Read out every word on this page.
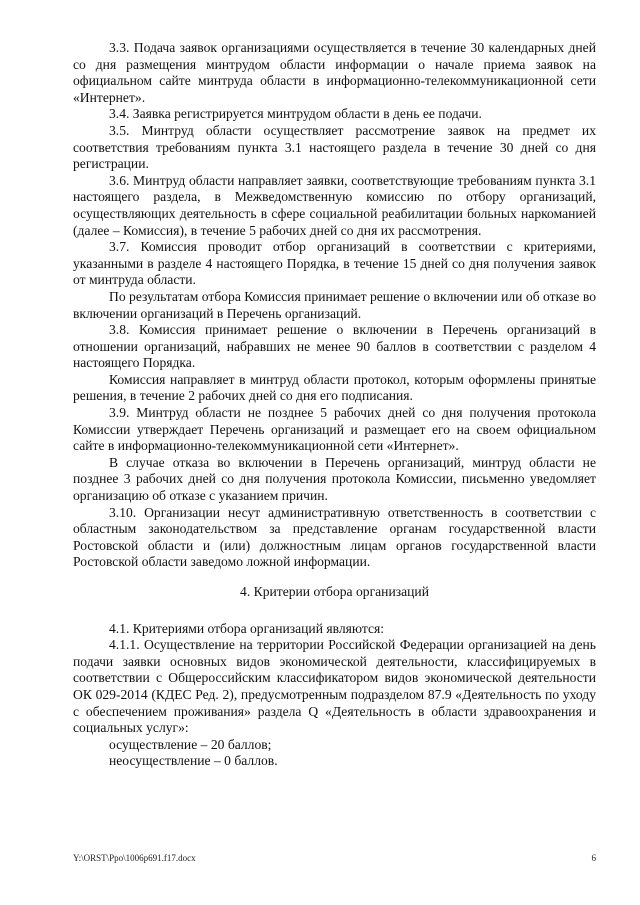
3.3. Подача заявок организациями осуществляется в течение 30 календарных дней со дня размещения минтрудом области информации о начале приема заявок на официальном сайте минтруда области в информационно-телекоммуникационной сети «Интернет».

3.4. Заявка регистрируется минтрудом области в день ее подачи.

3.5. Минтруд области осуществляет рассмотрение заявок на предмет их соответствия требованиям пункта 3.1 настоящего раздела в течение 30 дней со дня регистрации.

3.6. Минтруд области направляет заявки, соответствующие требованиям пункта 3.1 настоящего раздела, в Межведомственную комиссию по отбору организаций, осуществляющих деятельность в сфере социальной реабилитации больных наркоманией (далее – Комиссия), в течение 5 рабочих дней со дня их рассмотрения.

3.7. Комиссия проводит отбор организаций в соответствии с критериями, указанными в разделе 4 настоящего Порядка, в течение 15 дней со дня получения заявок от минтруда области.

По результатам отбора Комиссия принимает решение о включении или об отказе во включении организаций в Перечень организаций.

3.8. Комиссия принимает решение о включении в Перечень организаций в отношении организаций, набравших не менее 90 баллов в соответствии с разделом 4 настоящего Порядка.

Комиссия направляет в минтруд области протокол, которым оформлены принятые решения, в течение 2 рабочих дней со дня его подписания.

3.9. Минтруд области не позднее 5 рабочих дней со дня получения протокола Комиссии утверждает Перечень организаций и размещает его на своем официальном сайте в информационно-телекоммуникационной сети «Интернет».

В случае отказа во включении в Перечень организаций, минтруд области не позднее 3 рабочих дней со дня получения протокола Комиссии, письменно уведомляет организацию об отказе с указанием причин.

3.10. Организации несут административную ответственность в соответствии с областным законодательством за представление органам государственной власти Ростовской области и (или) должностным лицам органов государственной власти Ростовской области заведомо ложной информации.

4. Критерии отбора организаций

4.1. Критериями отбора организаций являются:

4.1.1. Осуществление на территории Российской Федерации организацией на день подачи заявки основных видов экономической деятельности, классифицируемых в соответствии с Общероссийским классификатором видов экономической деятельности ОК 029-2014 (КДЕС Ред. 2), предусмотренным подразделом 87.9 «Деятельность по уходу с обеспечением проживания» раздела Q «Деятельность в области здравоохранения и социальных услуг»:

осуществление – 20 баллов;

неосуществление – 0 баллов.

Y:\ORST\Ppo\1006p691.f17.docx	6
